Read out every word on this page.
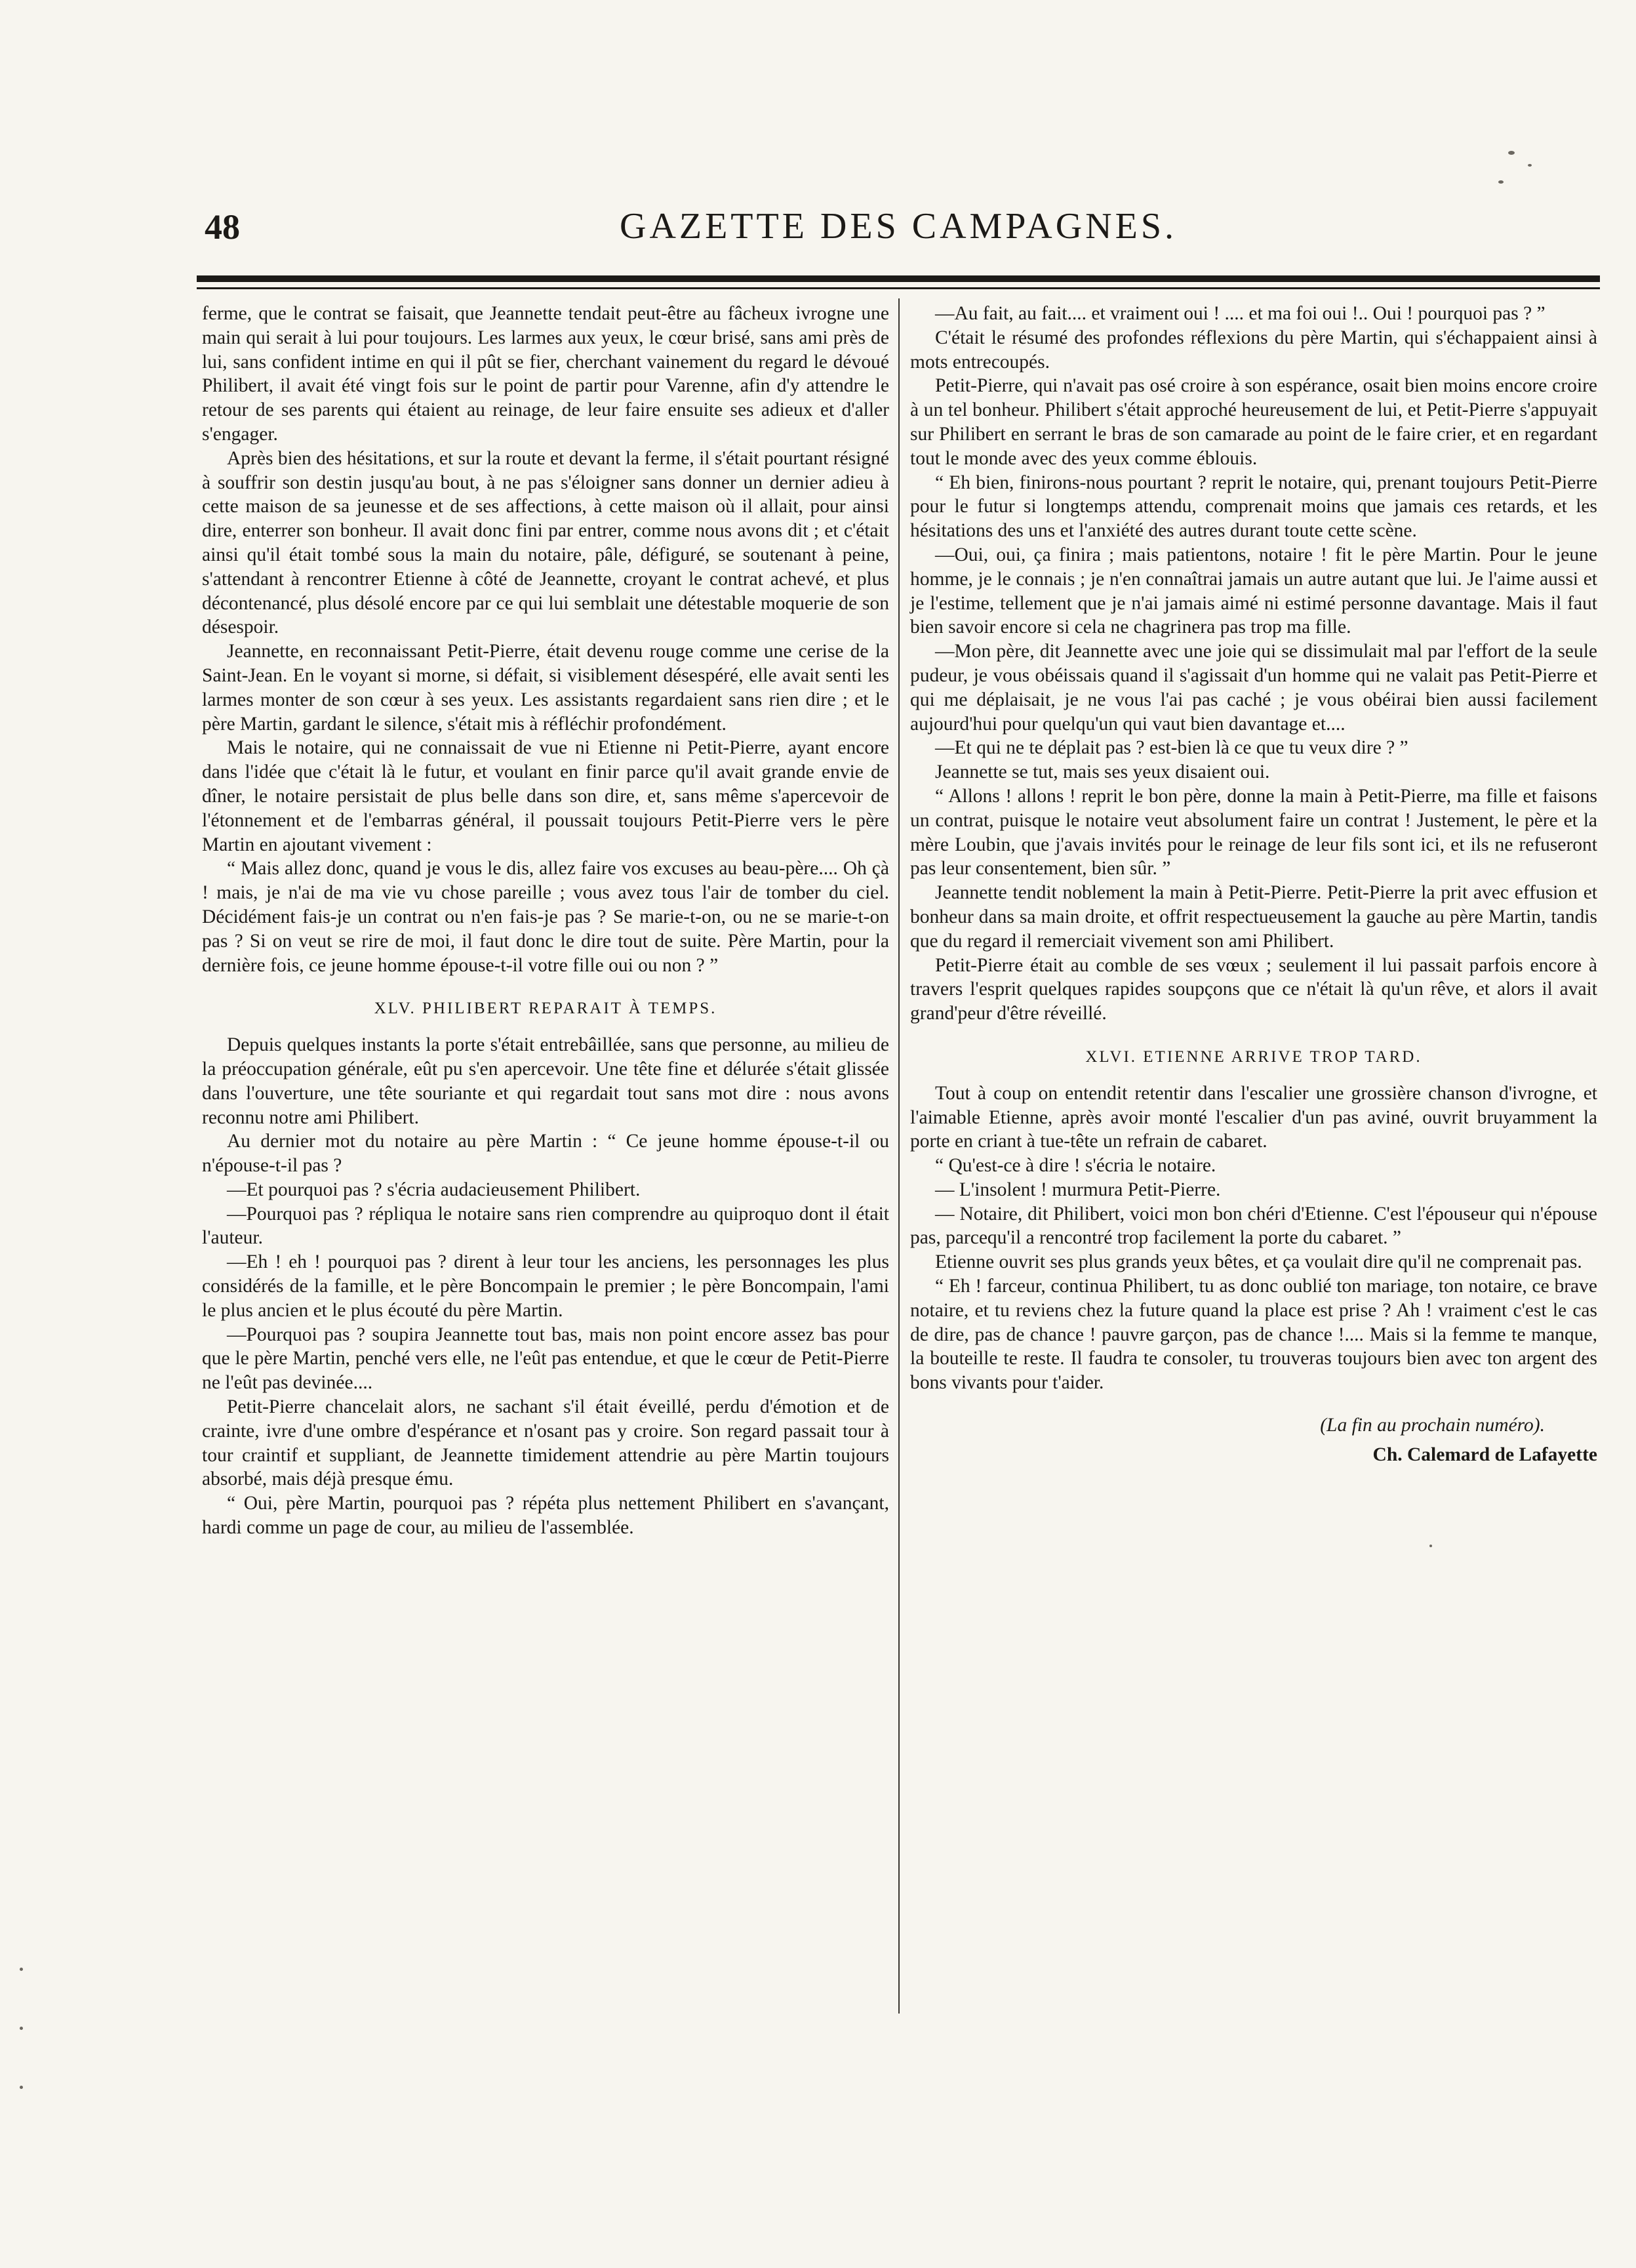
48	GAZETTE DES CAMPAGNES.

ferme, que le contrat se faisait, que Jeannette tendait peut-être au fâcheux ivrogne une main qui serait à lui pour toujours. Les larmes aux yeux, le cœur brisé, sans ami près de lui, sans confident intime en qui il pût se fier, cherchant vainement du regard le dévoué Philibert, il avait été vingt fois sur le point de partir pour Varenne, afin d'y attendre le retour de ses parents qui étaient au reinage, de leur faire ensuite ses adieux et d'aller s'engager.

Après bien des hésitations, et sur la route et devant la ferme, il s'était pourtant résigné à souffrir son destin jusqu'au bout, à ne pas s'éloigner sans donner un dernier adieu à cette maison de sa jeunesse et de ses affections, à cette maison où il allait, pour ainsi dire, enterrer son bonheur. Il avait donc fini par entrer, comme nous avons dit ; et c'était ainsi qu'il était tombé sous la main du notaire, pâle, défiguré, se soutenant à peine, s'attendant à rencontrer Etienne à côté de Jeannette, croyant le contrat achevé, et plus décontenancé, plus désolé encore par ce qui lui semblait une détestable moquerie de son désespoir.

Jeannette, en reconnaissant Petit-Pierre, était devenu rouge comme une cerise de la Saint-Jean. En le voyant si morne, si défait, si visiblement désespéré, elle avait senti les larmes monter de son cœur à ses yeux. Les assistants regardaient sans rien dire ; et le père Martin, gardant le silence, s'était mis à réfléchir profondément.

Mais le notaire, qui ne connaissait de vue ni Etienne ni Petit-Pierre, ayant encore dans l'idée que c'était là le futur, et voulant en finir parce qu'il avait grande envie de dîner, le notaire persistait de plus belle dans son dire, et, sans même s'apercevoir de l'étonnement et de l'embarras général, il poussait toujours Petit-Pierre vers le père Martin en ajoutant vivement :

“ Mais allez donc, quand je vous le dis, allez faire vos excuses au beau-père.... Oh çà ! mais, je n'ai de ma vie vu chose pareille ; vous avez tous l'air de tomber du ciel. Décidément fais-je un contrat ou n'en fais-je pas ? Se marie-t-on, ou ne se marie-t-on pas ? Si on veut se rire de moi, il faut donc le dire tout de suite. Père Martin, pour la dernière fois, ce jeune homme épouse-t-il votre fille oui ou non ? ”

XLV. PHILIBERT REPARAIT À TEMPS.

Depuis quelques instants la porte s'était entrebâillée, sans que personne, au milieu de la préoccupation générale, eût pu s'en apercevoir. Une tête fine et délurée s'était glissée dans l'ouverture, une tête souriante et qui regardait tout sans mot dire : nous avons reconnu notre ami Philibert.

Au dernier mot du notaire au père Martin : “ Ce jeune homme épouse-t-il ou n'épouse-t-il pas ?

—Et pourquoi pas ? s'écria audacieusement Philibert.

—Pourquoi pas ? répliqua le notaire sans rien comprendre au quiproquo dont il était l'auteur.

—Eh ! eh ! pourquoi pas ? dirent à leur tour les anciens, les personnages les plus considérés de la famille, et le père Boncompain le premier ; le père Boncompain, l'ami le plus ancien et le plus écouté du père Martin.

—Pourquoi pas ? soupira Jeannette tout bas, mais non point encore assez bas pour que le père Martin, penché vers elle, ne l'eût pas entendue, et que le cœur de Petit-Pierre ne l'eût pas devinée....

Petit-Pierre chancelait alors, ne sachant s'il était éveillé, perdu d'émotion et de crainte, ivre d'une ombre d'espérance et n'osant pas y croire. Son regard passait tour à tour craintif et suppliant, de Jeannette timidement attendrie au père Martin toujours absorbé, mais déjà presque ému.

“ Oui, père Martin, pourquoi pas ? répéta plus nettement Philibert en s'avançant, hardi comme un page de cour, au milieu de l'assemblée.

—Au fait, au fait.... et vraiment oui ! .... et ma foi oui !.. Oui ! pourquoi pas ? ”

C'était le résumé des profondes réflexions du père Martin, qui s'échappaient ainsi à mots entrecoupés.

Petit-Pierre, qui n'avait pas osé croire à son espérance, osait bien moins encore croire à un tel bonheur. Philibert s'était approché heureusement de lui, et Petit-Pierre s'appuyait sur Philibert en serrant le bras de son camarade au point de le faire crier, et en regardant tout le monde avec des yeux comme éblouis.

“ Eh bien, finirons-nous pourtant ? reprit le notaire, qui, prenant toujours Petit-Pierre pour le futur si longtemps attendu, comprenait moins que jamais ces retards, et les hésitations des uns et l'anxiété des autres durant toute cette scène.

—Oui, oui, ça finira ; mais patientons, notaire ! fit le père Martin. Pour le jeune homme, je le connais ; je n'en connaîtrai jamais un autre autant que lui. Je l'aime aussi et je l'estime, tellement que je n'ai jamais aimé ni estimé personne davantage. Mais il faut bien savoir encore si cela ne chagrinera pas trop ma fille.

—Mon père, dit Jeannette avec une joie qui se dissimulait mal par l'effort de la seule pudeur, je vous obéissais quand il s'agissait d'un homme qui ne valait pas Petit-Pierre et qui me déplaisait, je ne vous l'ai pas caché ; je vous obéirai bien aussi facilement aujourd'hui pour quelqu'un qui vaut bien davantage et....

—Et qui ne te déplait pas ? est-bien là ce que tu veux dire ? ”

Jeannette se tut, mais ses yeux disaient oui.

“ Allons ! allons ! reprit le bon père, donne la main à Petit-Pierre, ma fille et faisons un contrat, puisque le notaire veut absolument faire un contrat ! Justement, le père et la mère Loubin, que j'avais invités pour le reinage de leur fils sont ici, et ils ne refuseront pas leur consentement, bien sûr. ”

Jeannette tendit noblement la main à Petit-Pierre. Petit-Pierre la prit avec effusion et bonheur dans sa main droite, et offrit respectueusement la gauche au père Martin, tandis que du regard il remerciait vivement son ami Philibert.

Petit-Pierre était au comble de ses vœux ; seulement il lui passait parfois encore à travers l'esprit quelques rapides soupçons que ce n'était là qu'un rêve, et alors il avait grand'peur d'être réveillé.

XLVI. ETIENNE ARRIVE TROP TARD.

Tout à coup on entendit retentir dans l'escalier une grossière chanson d'ivrogne, et l'aimable Etienne, après avoir monté l'escalier d'un pas aviné, ouvrit bruyamment la porte en criant à tue-tête un refrain de cabaret.

“ Qu'est-ce à dire ! s'écria le notaire.

— L'insolent ! murmura Petit-Pierre.

— Notaire, dit Philibert, voici mon bon chéri d'Etienne. C'est l'épouseur qui n'épouse pas, parcequ'il a rencontré trop facilement la porte du cabaret. ”

Etienne ouvrit ses plus grands yeux bêtes, et ça voulait dire qu'il ne comprenait pas.

“ Eh ! farceur, continua Philibert, tu as donc oublié ton mariage, ton notaire, ce brave notaire, et tu reviens chez la future quand la place est prise ? Ah ! vraiment c'est le cas de dire, pas de chance ! pauvre garçon, pas de chance !.... Mais si la femme te manque, la bouteille te reste. Il faudra te consoler, tu trouveras toujours bien avec ton argent des bons vivants pour t'aider.

(La fin au prochain numéro).
Ch. Calemard de Lafayette
